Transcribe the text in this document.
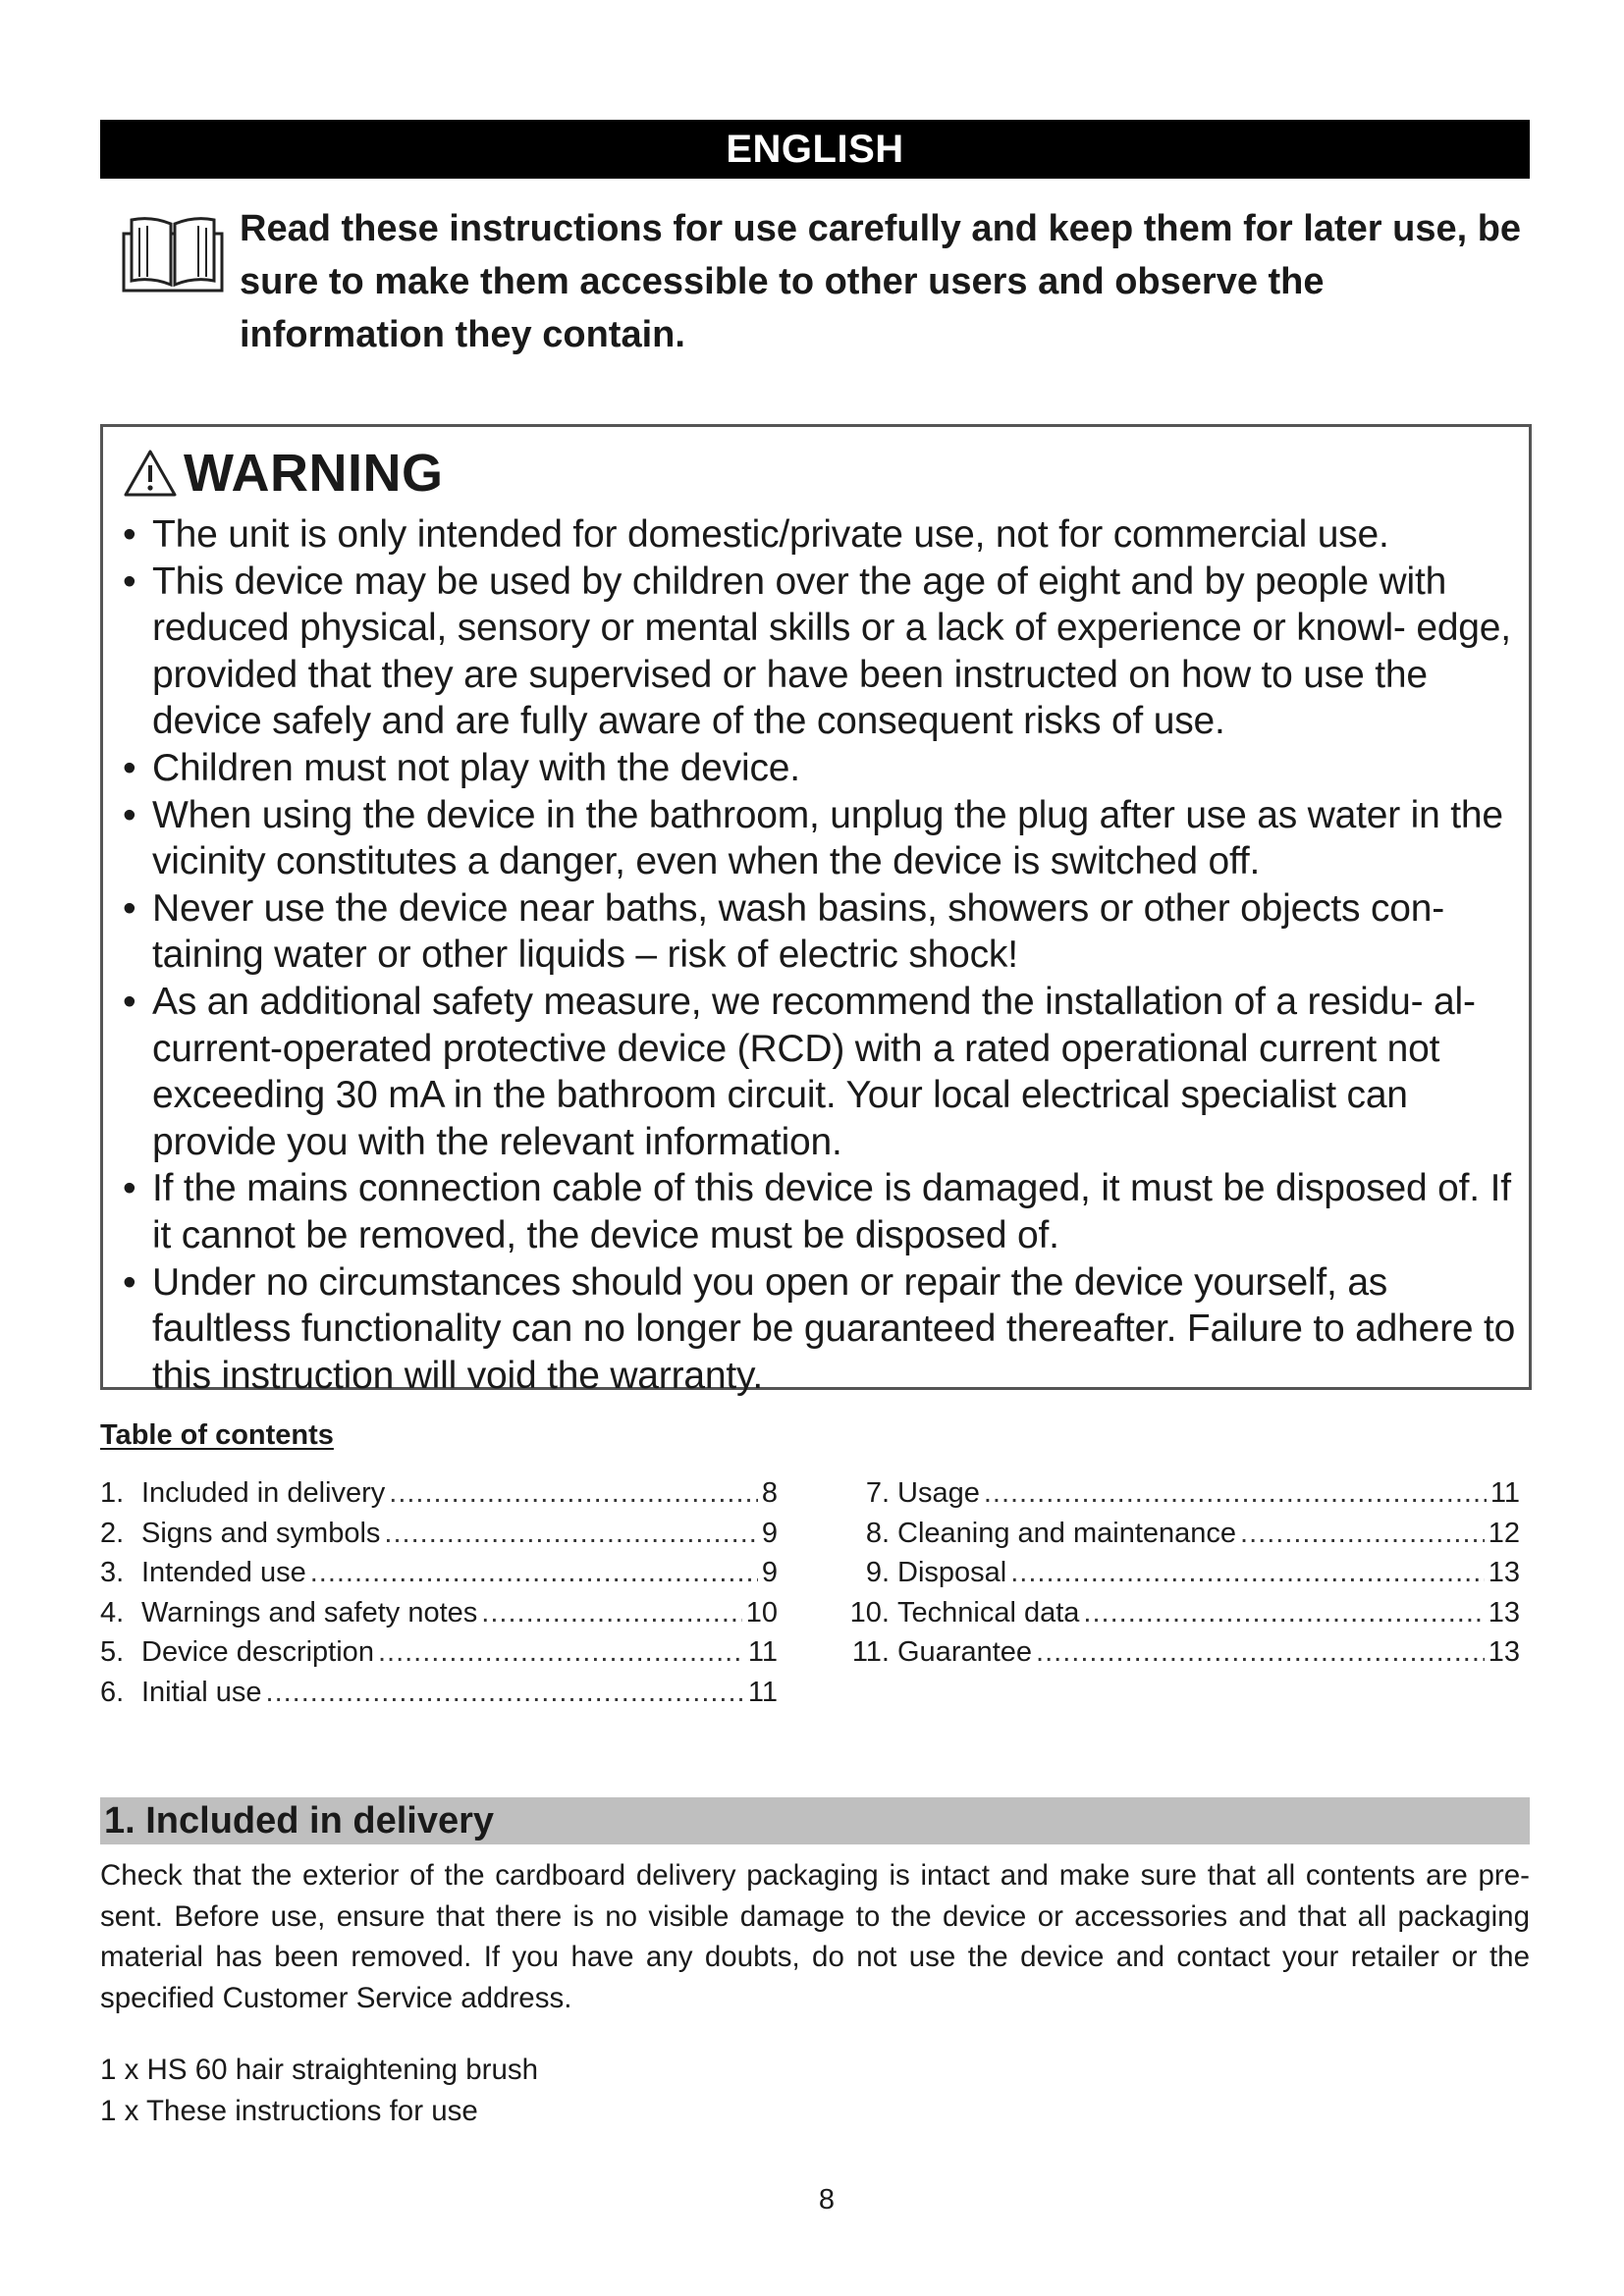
ENGLISH
Read these instructions for use carefully and keep them for later use, be sure to make them accessible to other users and observe the information they contain.
WARNING
• The unit is only intended for domestic/private use, not for commercial use.
• This device may be used by children over the age of eight and by people with reduced physical, sensory or mental skills or a lack of experience or knowl- edge, provided that they are supervised or have been instructed on how to use the device safely and are fully aware of the consequent risks of use.
• Children must not play with the device.
• When using the device in the bathroom, unplug the plug after use as water in the vicinity constitutes a danger, even when the device is switched off.
• Never use the device near baths, wash basins, showers or other objects con- taining water or other liquids – risk of electric shock!
• As an additional safety measure, we recommend the installation of a residu- al-current-operated protective device (RCD) with a rated operational current not exceeding 30 mA in the bathroom circuit. Your local electrical specialist can provide you with the relevant information.
• If the mains connection cable of this device is damaged, it must be disposed of. If it cannot be removed, the device must be disposed of.
• Under no circumstances should you open or repair the device yourself, as faultless functionality can no longer be guaranteed thereafter. Failure to adhere to this instruction will void the warranty.
Table of contents
1. Included in delivery .....	8
2. Signs and symbols .....	9
3. Intended use .....	9
4. Warnings and safety notes .....	10
5. Device description .....	11
6. Initial use .....	11
7. Usage .....	11
8. Cleaning and maintenance .....	12
9. Disposal .....	13
10. Technical data .....	13
11. Guarantee .....	13
1. Included in delivery
Check that the exterior of the cardboard delivery packaging is intact and make sure that all contents are pre- sent. Before use, ensure that there is no visible damage to the device or accessories and that all packaging material has been removed. If you have any doubts, do not use the device and contact your retailer or the specified Customer Service address.
1 x HS 60 hair straightening brush
1 x These instructions for use
8
